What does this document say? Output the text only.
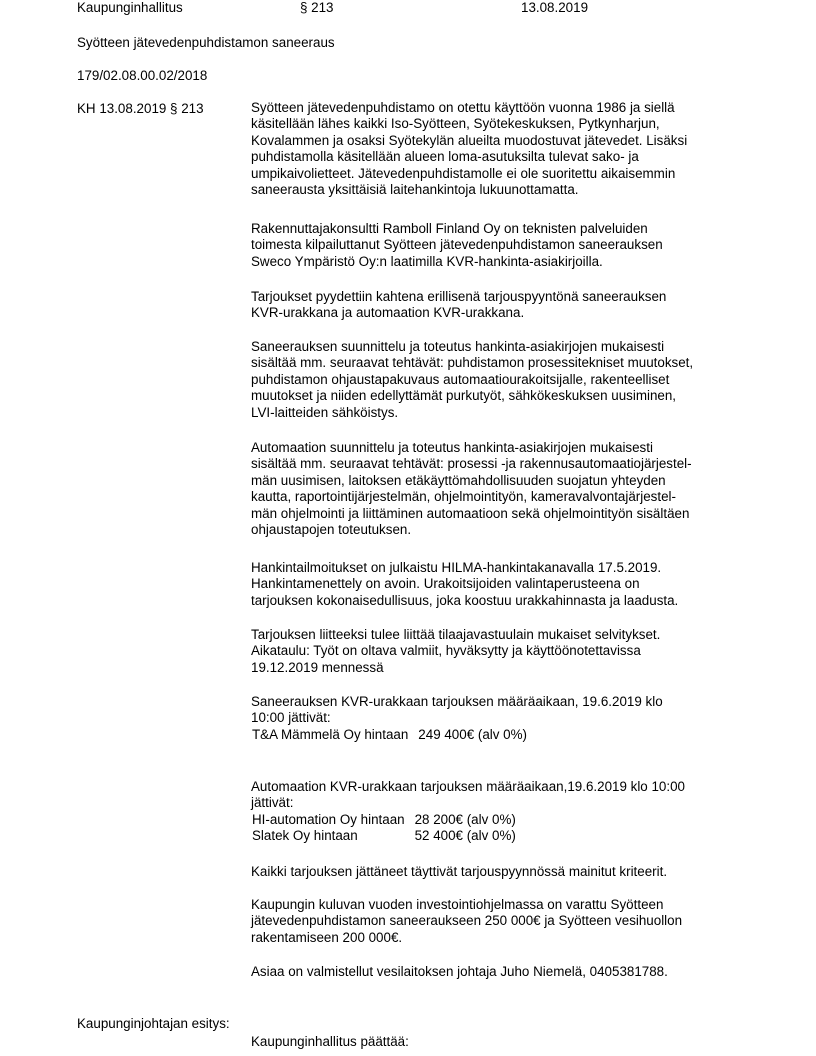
Kaupunginhallitus	§ 213	13.08.2019
Syötteen jätevedenpuhdistamon saneeraus
179/02.08.00.02/2018
KH 13.08.2019 § 213	Syötteen jätevedenpuhdistamo on otettu käyttöön vuonna 1986 ja siellä
käsitellään lähes kaikki Iso-Syötteen, Syötekeskuksen, Pytkynharjun,
Kovalammen ja osaksi Syötekylän alueilta muodostuvat jätevedet. Lisäksi
puhdistamolla käsitellään alueen loma-asutuksilta tulevat sako- ja
umpikaivolietteet. Jätevedenpuhdistamolle ei ole suoritettu aikaisemmin
saneerausta yksittäisiä laitehankintoja lukuunottamatta.
Rakennuttajakonsultti Ramboll Finland Oy on teknisten palveluiden
toimesta kilpailuttanut Syötteen jätevedenpuhdistamon saneerauksen
Sweco Ympäristö Oy:n laatimilla KVR-hankinta-asiakirjoilla.
Tarjoukset pyydettiin kahtena erillisenä tarjouspyyntönä saneerauksen
KVR-urakkana ja automaation KVR-urakkana.
Saneerauksen suunnittelu ja toteutus hankinta-asiakirjojen mukaisesti
sisältää mm. seuraavat tehtävät: puhdistamon prosessitekniset muutokset,
puhdistamon ohjaustapakuvaus automaatiourakoitsijalle, rakenteelliset
muutokset ja niiden edellyttämät purkutyöt, sähkökeskuksen uusiminen,
LVI-laitteiden sähköistys.
Automaation suunnittelu ja toteutus hankinta-asiakirjojen mukaisesti
sisältää mm. seuraavat tehtävät: prosessi -ja rakennusautomaatiojärjestel-
män uusimisen, laitoksen etäkäyttömahdollisuuden suojatun yhteyden
kautta, raportointijärjestelmän, ohjelmointityön, kameravalvontajärjestel-
män ohjelmointi ja liittäminen automaatioon sekä ohjelmointityön sisältäen
ohjaustapojen toteutuksen.
Hankintailmoitukset on julkaistu HILMA-hankintakanavalla 17.5.2019.
Hankintamenettely on avoin. Urakoitsijoiden valintaperusteena on
tarjouksen kokonaisedullisuus, joka koostuu urakkahinnasta ja laadusta.
Tarjouksen liitteeksi tulee liittää tilaajavastuulain mukaiset selvitykset.
Aikataulu: Työt on oltava valmiit, hyväksytty ja käyttöönotettavissa
19.12.2019 mennessä
Saneerauksen KVR-urakkaan tarjouksen määräaikaan, 19.6.2019 klo
10:00 jättivät:
T&A Mämmelä Oy hintaan	249 400€ (alv 0%)
Automaation KVR-urakkaan tarjouksen määräaikaan,19.6.2019 klo 10:00
jättivät:
HI-automation Oy hintaan	28 200€ (alv 0%)
Slatek Oy hintaan	52 400€ (alv 0%)
Kaikki tarjouksen jättäneet täyttivät tarjouspyynnössä mainitut kriteerit.
Kaupungin kuluvan vuoden investointiohjelmassa on varattu Syötteen
jätevedenpuhdistamon saneeraukseen 250 000€ ja Syötteen vesihuollon
rakentamiseen 200 000€.
Asiaa on valmistellut vesilaitoksen johtaja Juho Niemelä, 0405381788.
Kaupunginjohtajan esitys:
Kaupunginhallitus päättää:
